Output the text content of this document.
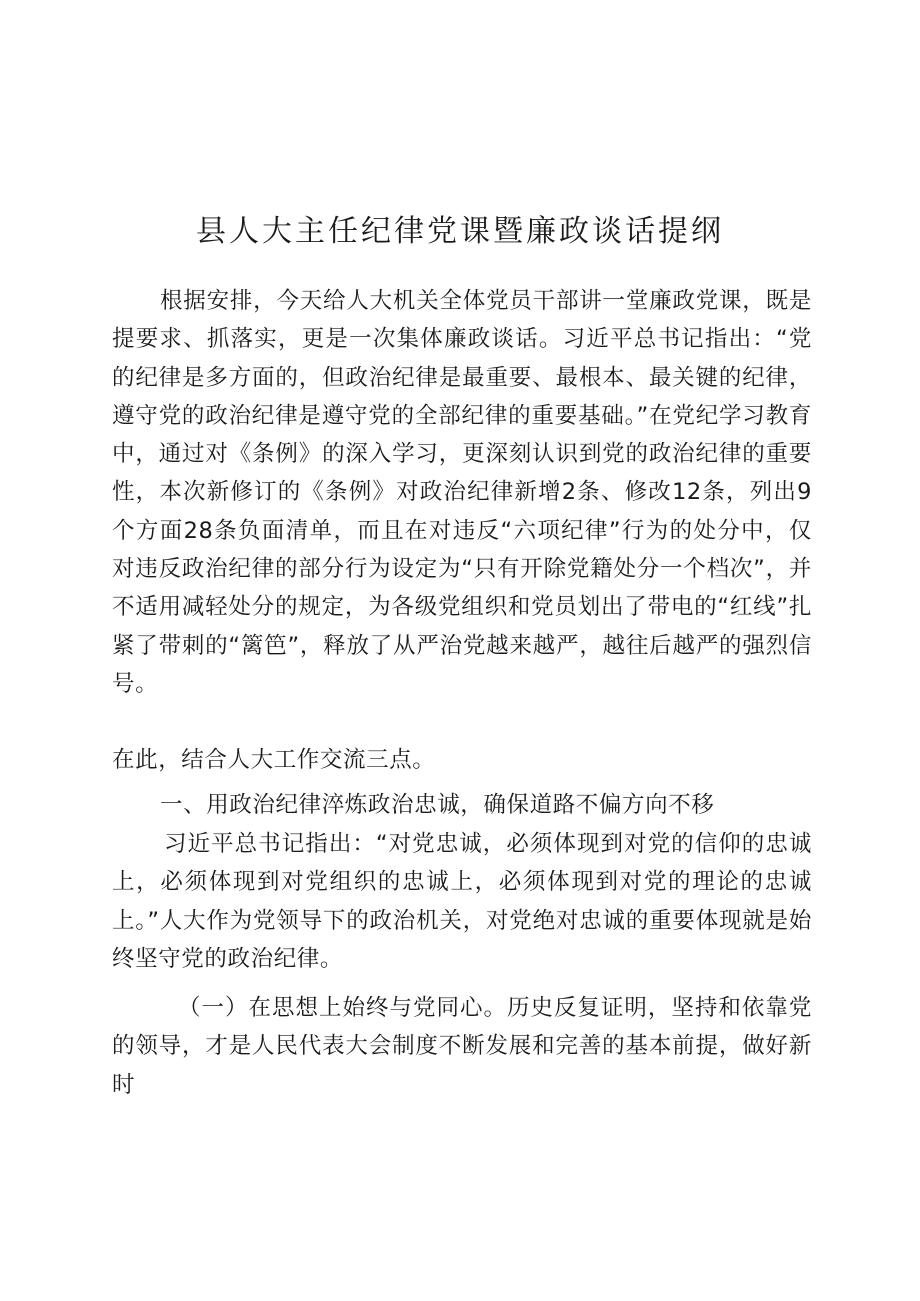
县人大主任纪律党课暨廉政谈话提纲

根据安排，今天给人大机关全体党员干部讲一堂廉政党课，既是提要求、抓落实，更是一次集体廉政谈话。习近平总书记指出：“党的纪律是多方面的，但政治纪律是最重要、最根本、最关键的纪律，遵守党的政治纪律是遵守党的全部纪律的重要基础。”在党纪学习教育中，通过对《条例》的深入学习，更深刻认识到党的政治纪律的重要性，本次新修订的《条例》对政治纪律新增2条、修改12条，列出9个方面28条负面清单，而且在对违反“六项纪律”行为的处分中，仅对违反政治纪律的部分行为设定为“只有开除党籍处分一个档次”，并不适用减轻处分的规定，为各级党组织和党员划出了带电的“红线”扎紧了带刺的“篱笆”，释放了从严治党越来越严，越往后越严的强烈信号。

在此，结合人大工作交流三点。

一、用政治纪律淬炼政治忠诚，确保道路不偏方向不移

习近平总书记指出：“对党忠诚，必须体现到对党的信仰的忠诚上，必须体现到对党组织的忠诚上，必须体现到对党的理论的忠诚上。”人大作为党领导下的政治机关，对党绝对忠诚的重要体现就是始终坚守党的政治纪律。

（一）在思想上始终与党同心。历史反复证明，坚持和依靠党的领导，才是人民代表大会制度不断发展和完善的基本前提，做好新时
